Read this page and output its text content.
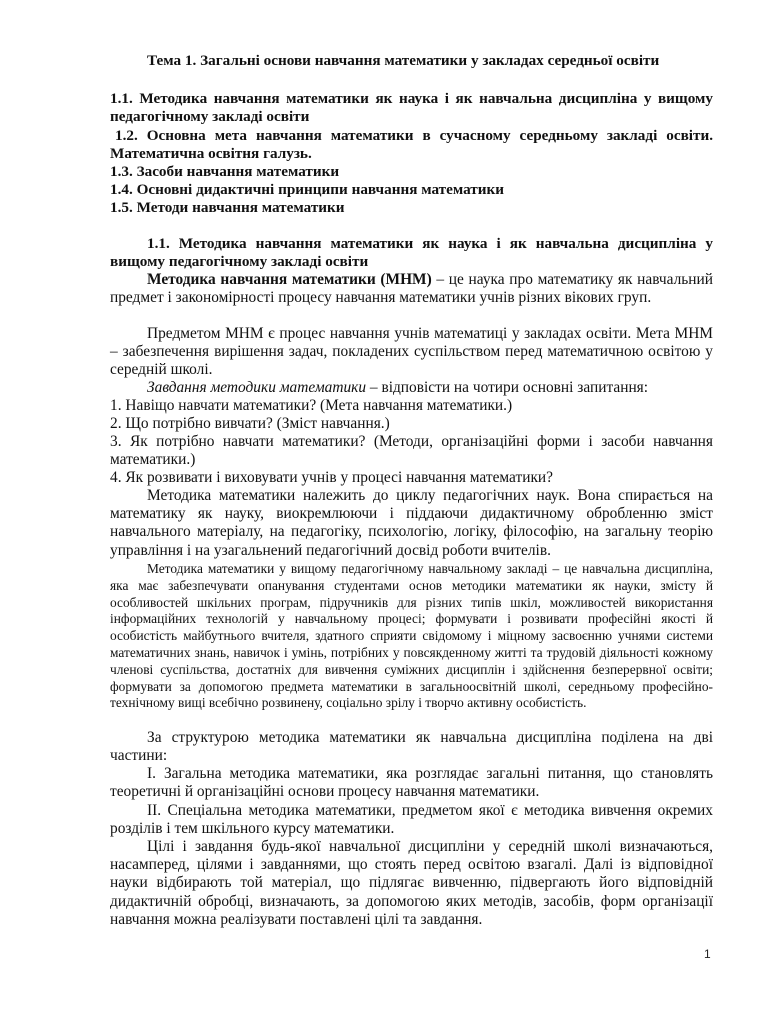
Тема 1. Загальні основи навчання математики у закладах середньої освіти
1.1. Методика навчання математики як наука і як навчальна дисципліна у вищому педагогічному закладі освіти
1.2. Основна мета навчання математики в сучасному середньому закладі освіти. Математична освітня галузь.
1.3. Засоби навчання математики
1.4. Основні дидактичні принципи навчання математики
1.5. Методи навчання математики
1.1. Методика навчання математики як наука і як навчальна дисципліна у вищому педагогічному закладі освіти
Методика навчання математики (МНМ) – це наука про математику як навчальний предмет і закономірності процесу навчання математики учнів різних вікових груп.
Предметом МНМ є процес навчання учнів математиці у закладах освіти. Мета МНМ – забезпечення вирішення задач, покладених суспільством перед математичною освітою у середній школі.
Завдання методики математики – відповісти на чотири основні запитання:
1. Навіщо навчати математики? (Мета навчання математики.)
2. Що потрібно вивчати? (Зміст навчання.)
3. Як потрібно навчати математики? (Методи, організаційні форми і засоби навчання математики.)
4. Як розвивати і виховувати учнів у процесі навчання математики?
Методика математики належить до циклу педагогічних наук. Вона спирається на математику як науку, виокремлюючи і піддаючи дидактичному обробленню зміст навчального матеріалу, на педагогіку, психологію, логіку, філософію, на загальну теорію управління і на узагальнений педагогічний досвід роботи вчителів.
Методика математики у вищому педагогічному навчальному закладі – це навчальна дисципліна, яка має забезпечувати опанування студентами основ методики математики як науки, змісту й особливостей шкільних програм, підручників для різних типів шкіл, можливостей використання інформаційних технологій у навчальному процесі; формувати і розвивати професійні якості й особистість майбутнього вчителя, здатного сприяти свідомому і міцному засвоєнню учнями системи математичних знань, навичок і умінь, потрібних у повсякденному житті та трудовій діяльності кожному членові суспільства, достатніх для вивчення суміжних дисциплін і здійснення безперервної освіти; формувати за допомогою предмета математики в загальноосвітній школі, середньому професійно-технічному вищі всебічно розвинену, соціально зрілу і творчо активну особистість.
За структурою методика математики як навчальна дисципліна поділена на дві частини:
І. Загальна методика математики, яка розглядає загальні питання, що становлять теоретичні й організаційні основи процесу навчання математики.
ІІ. Спеціальна методика математики, предметом якої є методика вивчення окремих розділів і тем шкільного курсу математики.
Цілі і завдання будь-якої навчальної дисципліни у середній школі визначаються, насамперед, цілями і завданнями, що стоять перед освітою взагалі. Далі із відповідної науки відбирають той матеріал, що підлягає вивченню, підвергають його відповідній дидактичній обробці, визначають, за допомогою яких методів, засобів, форм організації навчання можна реалізувати поставлені цілі та завдання.
1
